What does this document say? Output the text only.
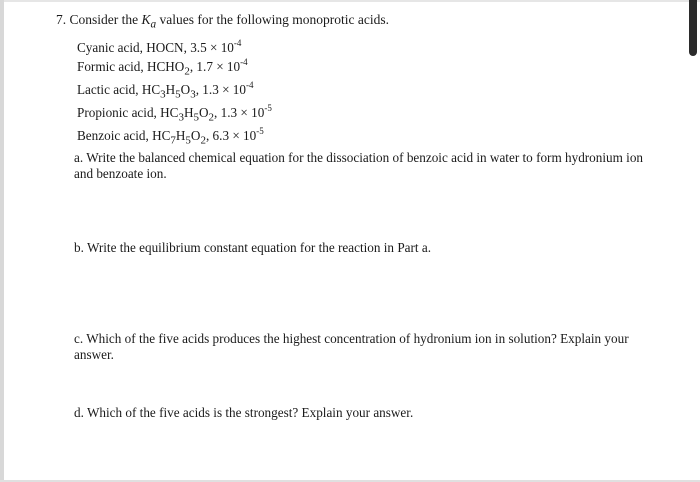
7. Consider the $K_a$ values for the following monoprotic acids.
Cyanic acid, HOCN, $3.5 \times 10^{-4}$
Formic acid, $HCHO_2$, $1.7 \times 10^{-4}$
Lactic acid, $HC_3H_5O_3$, $1.3 \times 10^{-4}$
Propionic acid, $HC_3H_5O_2$, $1.3 \times 10^{-5}$
Benzoic acid, $HC_7H_5O_2$, $6.3 \times 10^{-5}$
a. Write the balanced chemical equation for the dissociation of benzoic acid in water to form hydronium ion and benzoate ion.
b. Write the equilibrium constant equation for the reaction in Part a.
c. Which of the five acids produces the highest concentration of hydronium ion in solution? Explain your answer.
d. Which of the five acids is the strongest? Explain your answer.
